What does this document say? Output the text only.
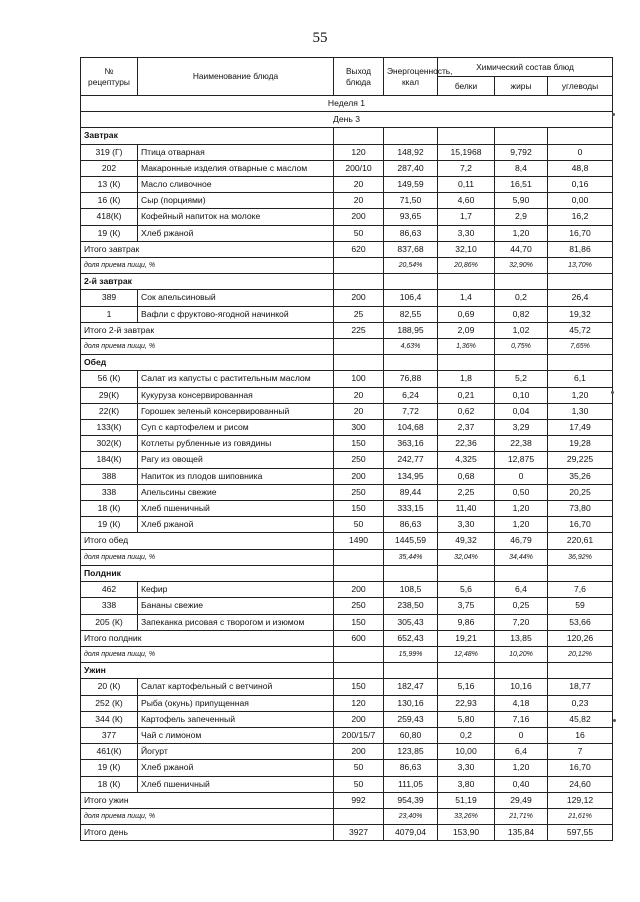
55
№ рецептуры	Наименование блюда	Выход блюда	Энергоценность, ккал	Химический состав блюд		
				белки	жиры	углеводы
Неделя 1						
День 3						
Завтрак						
319 (Г)	Птица отварная	120	148,92	15,1968	9,792	0
202	Макаронные изделия отварные с маслом	200/10	287,40	7,2	8,4	48,8
13 (К)	Масло сливочное	20	149,59	0,11	16,51	0,16
16 (К)	Сыр (порциями)	20	71,50	4,60	5,90	0,00
418(К)	Кофейный напиток на молоке	200	93,65	1,7	2,9	16,2
19 (К)	Хлеб ржаной	50	86,63	3,30	1,20	16,70
Итого завтрак		620	837,68	32,10	44,70	81,86
доля приема пищи, %			20,54%	20,86%	32,90%	13,70%
2-й завтрак						
389	Сок апельсиновый	200	106,4	1,4	0,2	26,4
1	Вафли с фруктово-ягодной начинкой	25	82,55	0,69	0,82	19,32
Итого 2-й завтрак		225	188,95	2,09	1,02	45,72
доля приема пищи, %			4,63%	1,36%	0,75%	7,65%
Обед						
56 (К)	Салат из капусты с растительным маслом	100	76,88	1,8	5,2	6,1
29(К)	Кукуруза консервированная	20	6,24	0,21	0,10	1,20
22(К)	Горошек зеленый консервированный	20	7,72	0,62	0,04	1,30
133(К)	Суп с картофелем и рисом	300	104,68	2,37	3,29	17,49
302(К)	Котлеты рубленные из говядины	150	363,16	22,36	22,38	19,28
184(К)	Рагу из овощей	250	242,77	4,325	12,875	29,225
388	Напиток из плодов шиповника	200	134,95	0,68	0	35,26
338	Апельсины свежие	250	89,44	2,25	0,50	20,25
18 (К)	Хлеб пшеничный	150	333,15	11,40	1,20	73,80
19 (К)	Хлеб ржаной	50	86,63	3,30	1,20	16,70
Итого обед		1490	1445,59	49,32	46,79	220,61
доля приема пищи, %			35,44%	32,04%	34,44%	36,92%
Полдник						
462	Кефир	200	108,5	5,6	6,4	7,6
338	Бананы свежие	250	238,50	3,75	0,25	59
205 (К)	Запеканка рисовая с творогом и изюмом	150	305,43	9,86	7,20	53,66
Итого полдник		600	652,43	19,21	13,85	120,26
доля приема пищи, %			15,99%	12,48%	10,20%	20,12%
Ужин						
20 (К)	Салат картофельный с ветчиной	150	182,47	5,16	10,16	18,77
252 (К)	Рыба (окунь) припущенная	120	130,16	22,93	4,18	0,23
344 (К)	Картофель запеченный	200	259,43	5,80	7,16	45,82
377	Чай с лимоном	200/15/7	60,80	0,2	0	16
461(К)	Йогурт	200	123,85	10,00	6,4	7
19 (К)	Хлеб ржаной	50	86,63	3,30	1,20	16,70
18 (К)	Хлеб пшеничный	50	111,05	3,80	0,40	24,60
Итого ужин		992	954,39	51,19	29,49	129,12
доля приема пищи, %			23,40%	33,26%	21,71%	21,61%
Итого день		3927	4079,04	153,90	135,84	597,55
